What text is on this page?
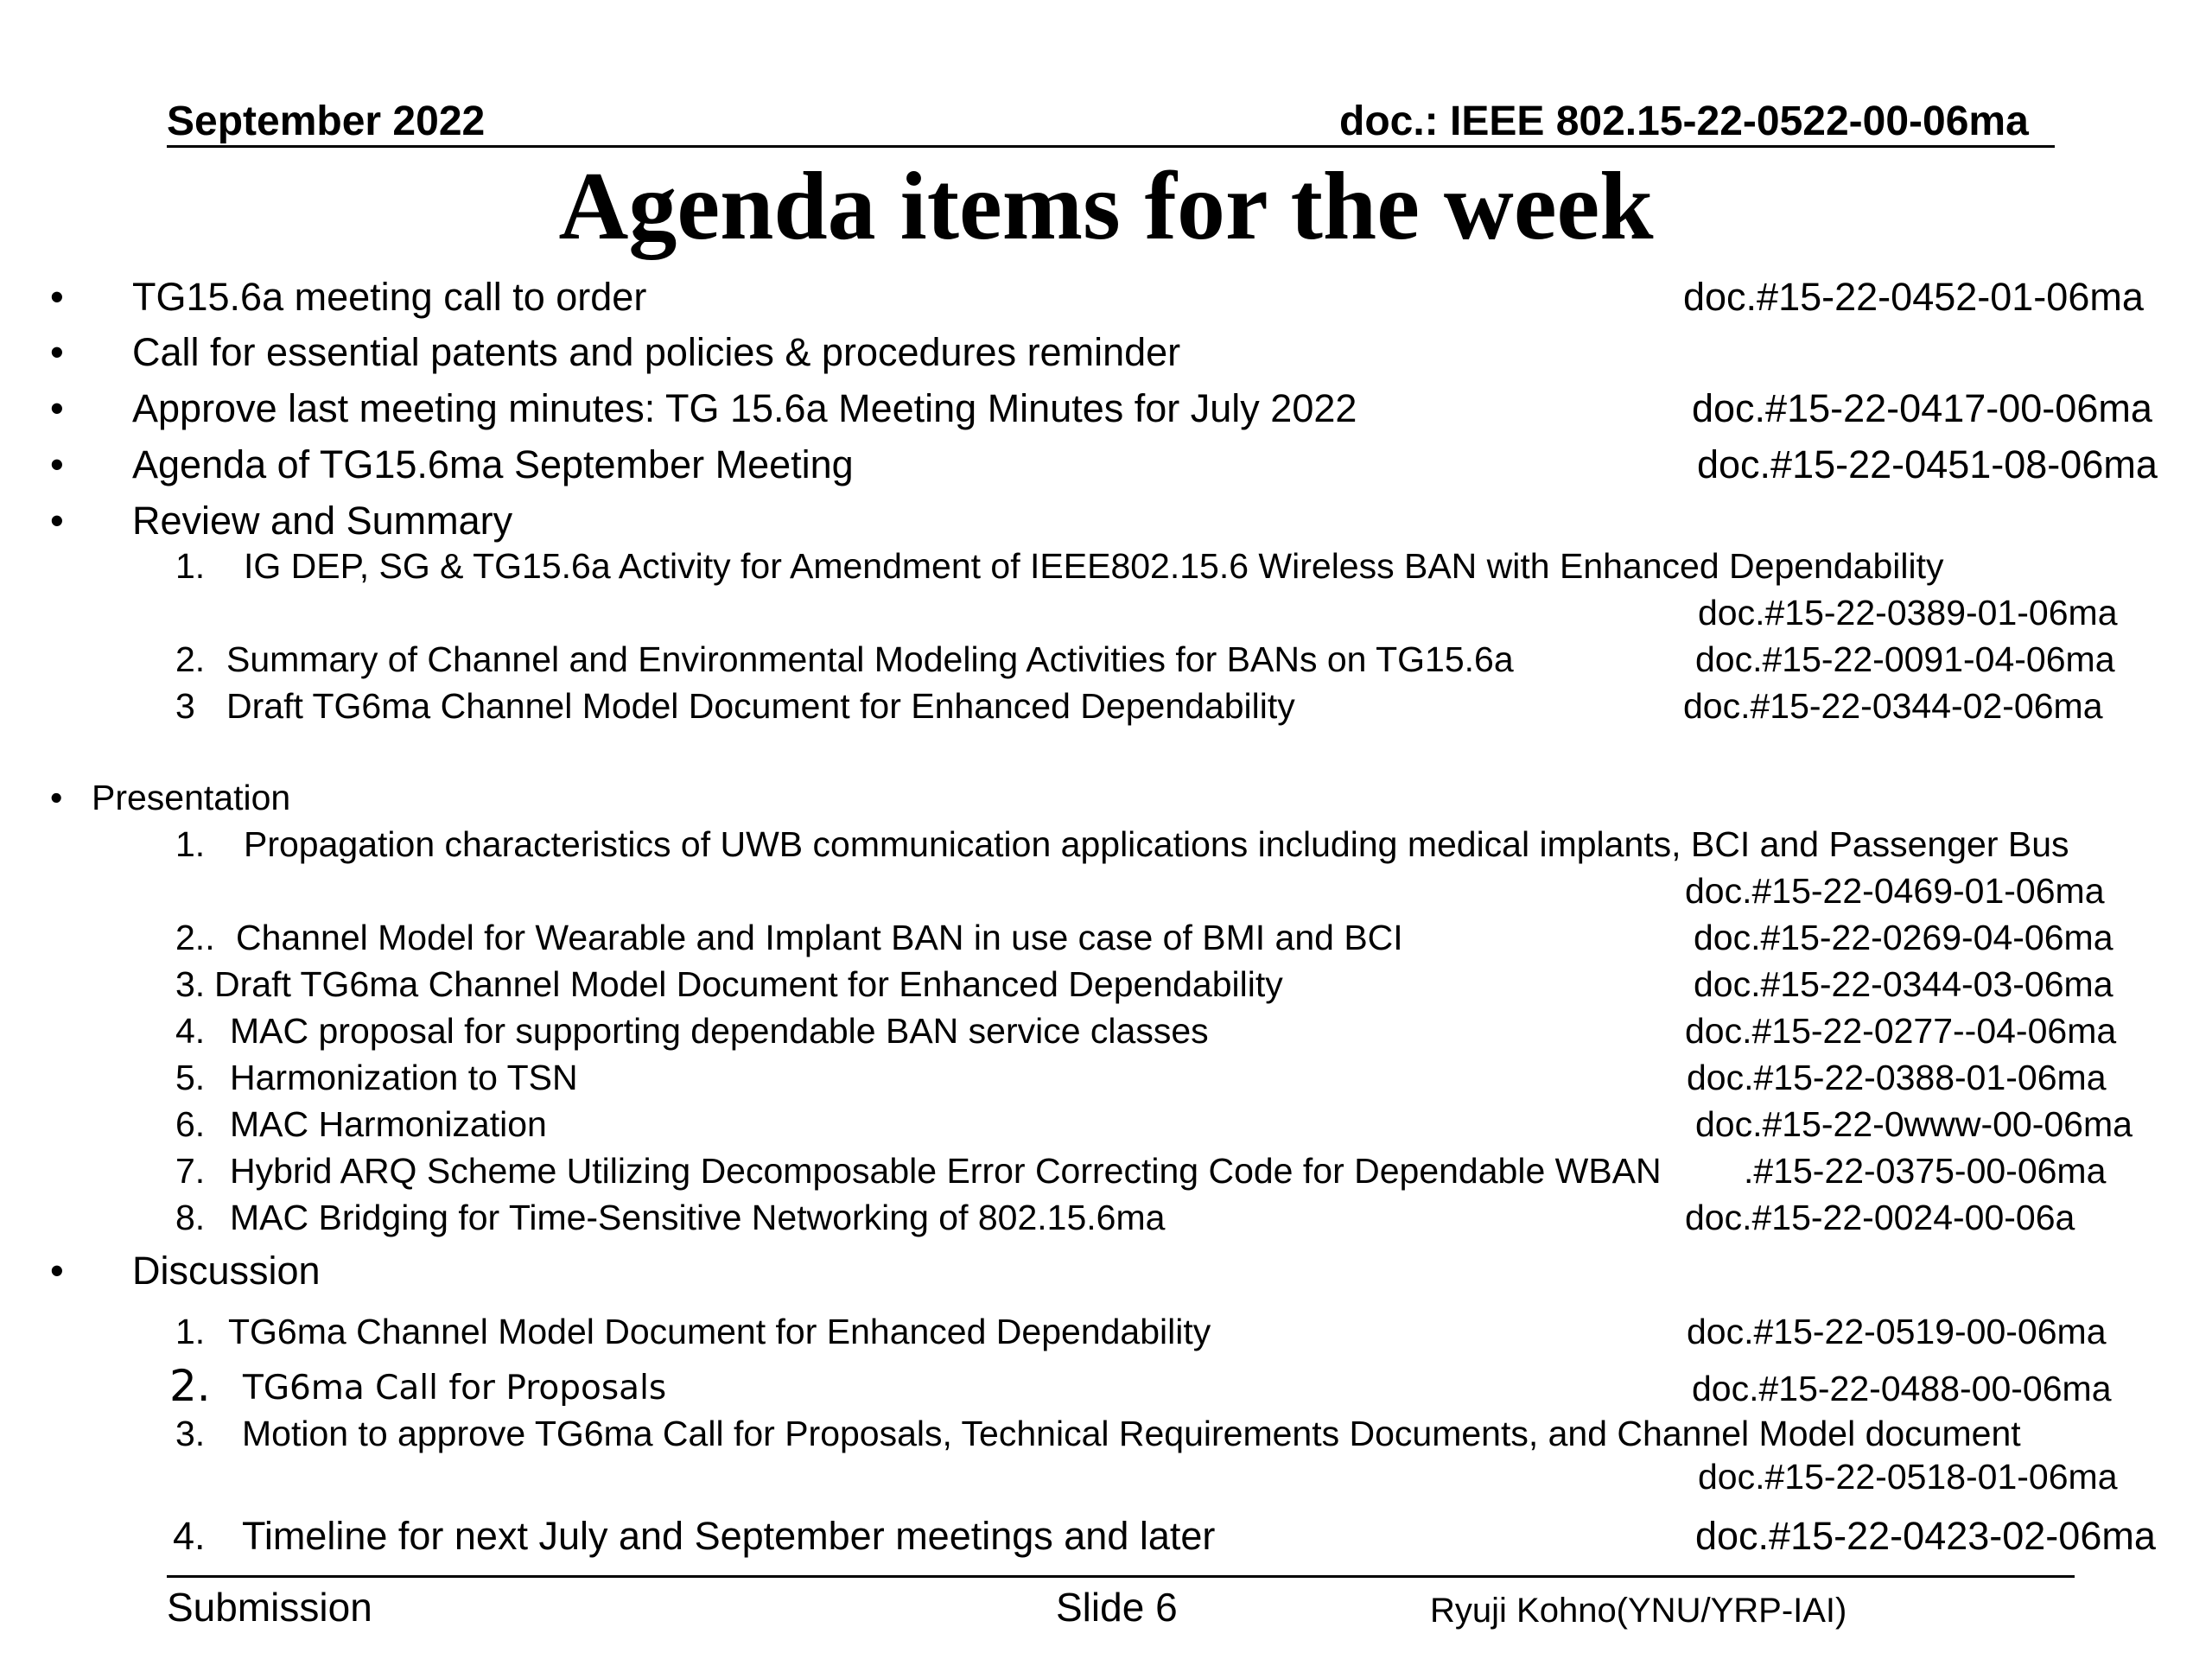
September 2022	doc.: IEEE 802.15-22-0522-00-06ma
Agenda items for the week
• TG15.6a meeting call to order	doc.#15-22-0452-01-06ma
• Call for essential patents and policies & procedures reminder
• Approve last meeting minutes: TG 15.6a Meeting Minutes for July 2022	doc.#15-22-0417-00-06ma
• Agenda of TG15.6ma September Meeting	doc.#15-22-0451-08-06ma
• Review and Summary
1. IG DEP, SG & TG15.6a Activity for Amendment of IEEE802.15.6 Wireless BAN with Enhanced Dependability
doc.#15-22-0389-01-06ma
2. Summary of Channel and Environmental Modeling Activities for BANs on TG15.6a	doc.#15-22-0091-04-06ma
3 Draft TG6ma Channel Model Document for Enhanced Dependability	doc.#15-22-0344-02-06ma
• Presentation
1. Propagation characteristics of UWB communication applications including medical implants, BCI and Passenger Bus
doc.#15-22-0469-01-06ma
2.. Channel Model for Wearable and Implant BAN in use case of BMI and BCI	doc.#15-22-0269-04-06ma
3. Draft TG6ma Channel Model Document for Enhanced Dependability	doc.#15-22-0344-03-06ma
4. MAC proposal for supporting dependable BAN service classes	doc.#15-22-0277--04-06ma
5. Harmonization to TSN	doc.#15-22-0388-01-06ma
6. MAC Harmonization	doc.#15-22-0www-00-06ma
7. Hybrid ARQ Scheme Utilizing Decomposable Error Correcting Code for Dependable WBAN .#15-22-0375-00-06ma
8. MAC Bridging for Time-Sensitive Networking of 802.15.6ma	doc.#15-22-0024-00-06a
• Discussion
1. TG6ma Channel Model Document for Enhanced Dependability	doc.#15-22-0519-00-06ma
2. TG6ma Call for Proposals	doc.#15-22-0488-00-06ma
3. Motion to approve TG6ma Call for Proposals, Technical Requirements Documents, and Channel Model document
doc.#15-22-0518-01-06ma
4. Timeline for next July and September meetings and later	doc.#15-22-0423-02-06ma
Submission	Slide 6	Ryuji Kohno(YNU/YRP-IAI)
